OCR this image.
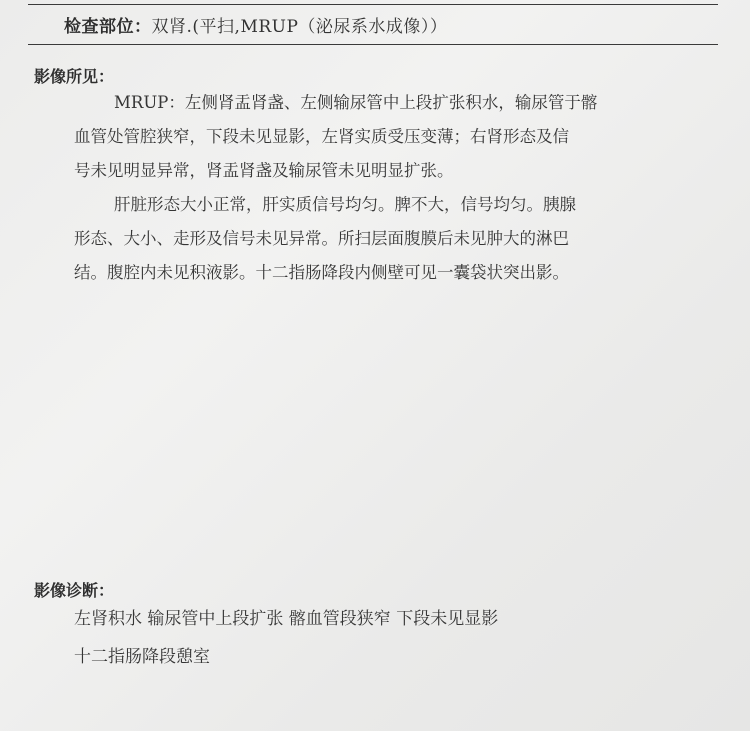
检查部位：双肾.(平扫,MRUP（泌尿系水成像））
影像所见：
MRUP：左侧肾盂肾盏、左侧输尿管中上段扩张积水，输尿管于髂
血管处管腔狭窄，下段未见显影，左肾实质受压变薄；右肾形态及信
号未见明显异常，肾盂肾盏及输尿管未见明显扩张。
肝脏形态大小正常，肝实质信号均匀。脾不大，信号均匀。胰腺
形态、大小、走形及信号未见异常。所扫层面腹膜后未见肿大的淋巴
结。腹腔内未见积液影。十二指肠降段内侧壁可见一囊袋状突出影。
影像诊断：
左肾积水 输尿管中上段扩张 髂血管段狭窄 下段未见显影
十二指肠降段憩室
